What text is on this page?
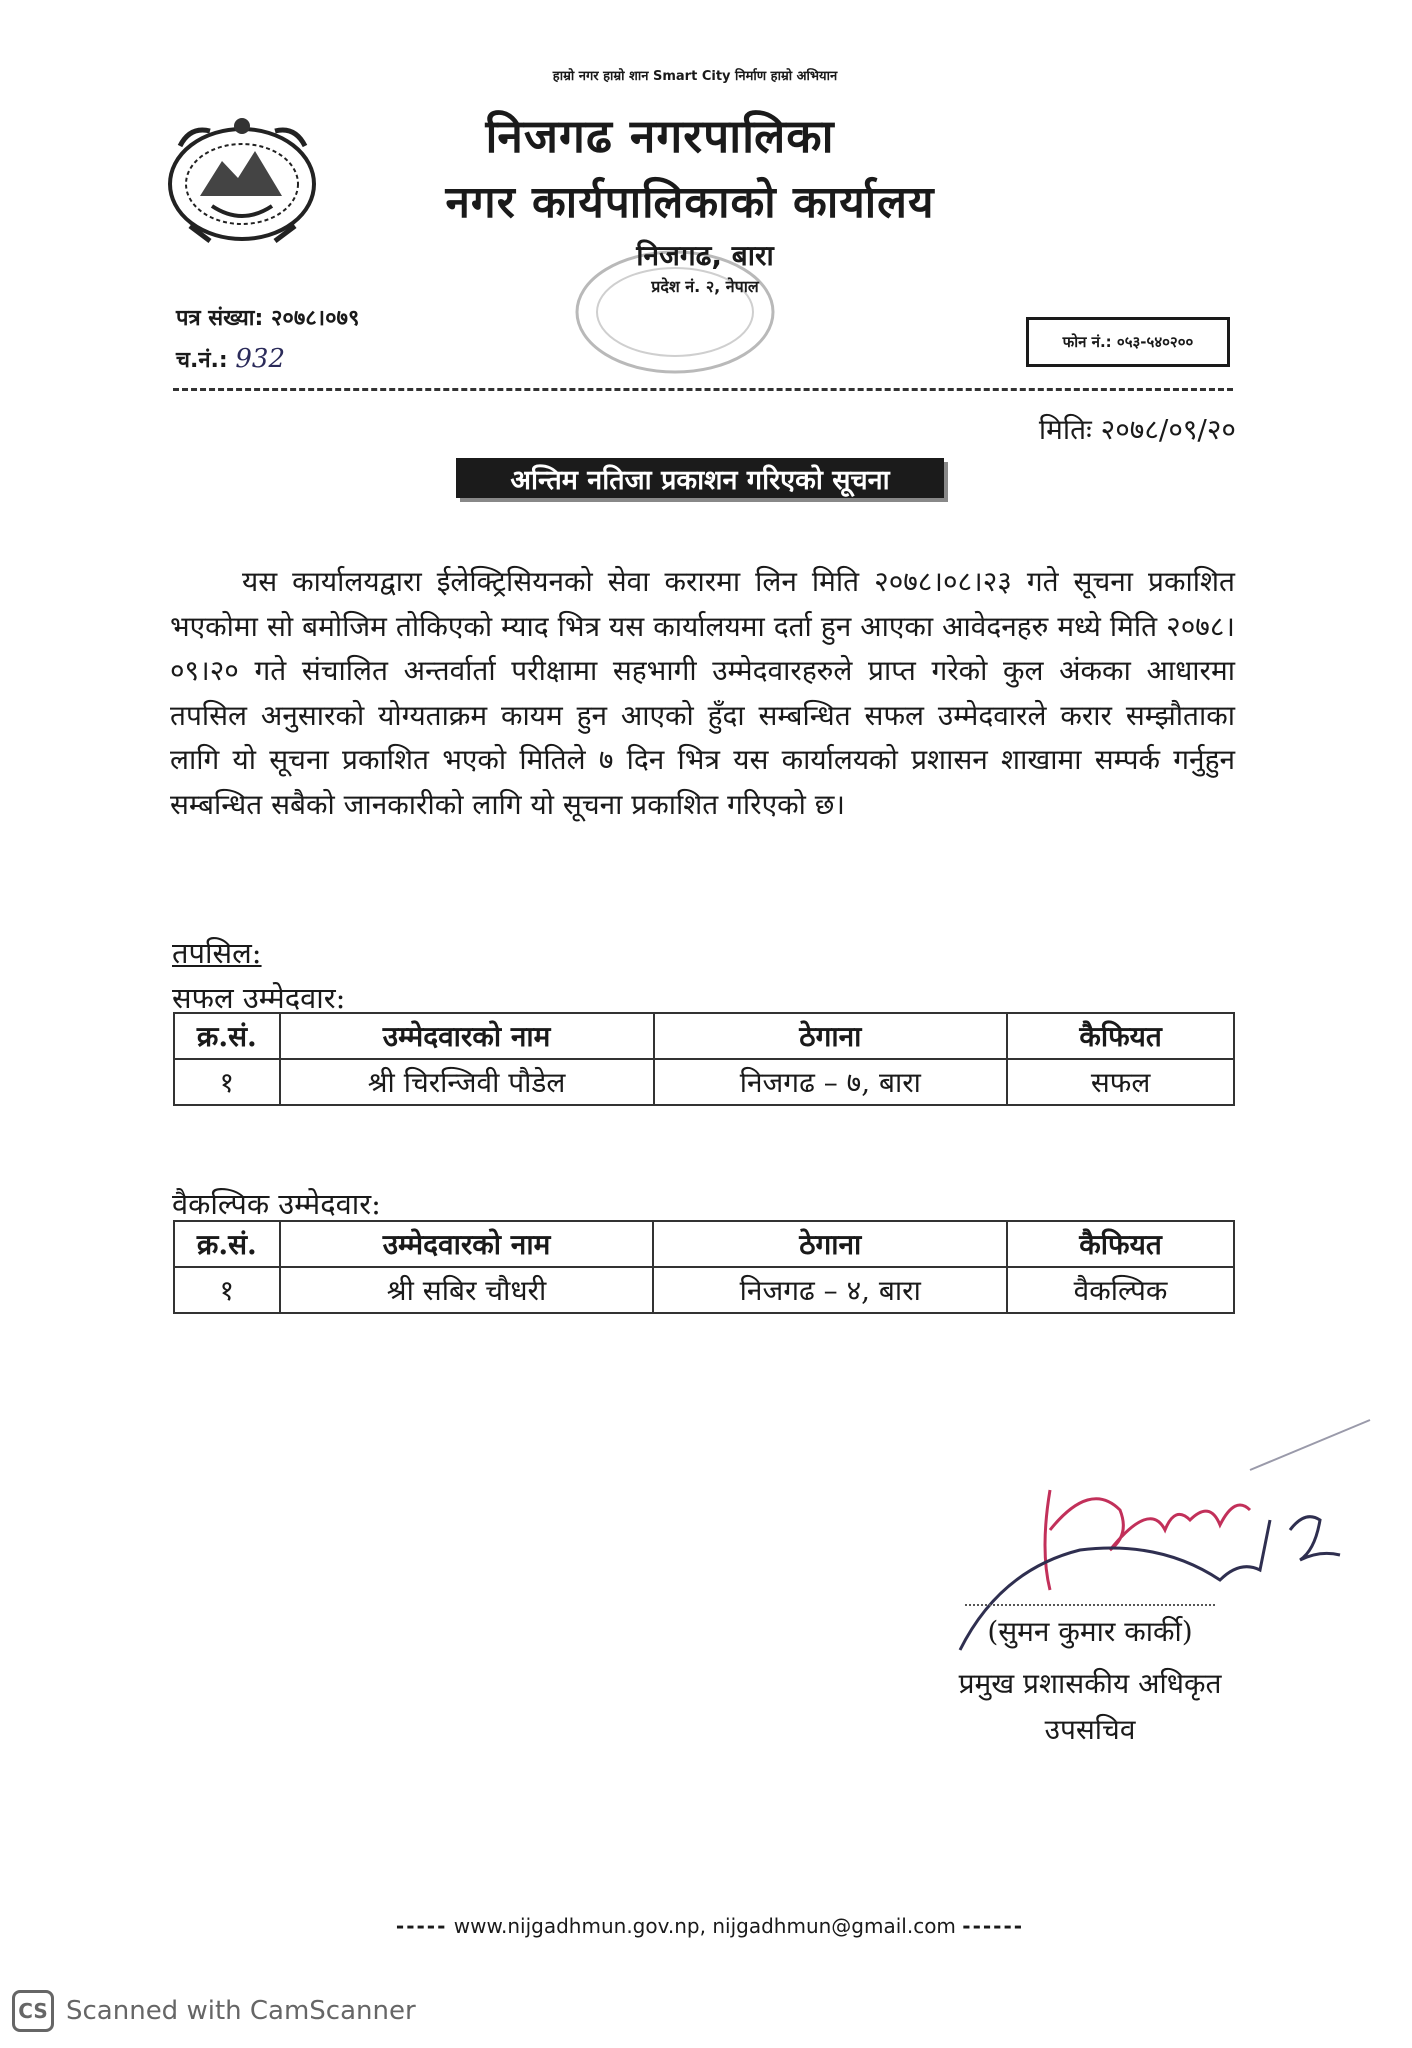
हाम्रो नगर हाम्रो शान Smart City निर्माण हाम्रो अभियान
निजगढ नगरपालिका
नगर कार्यपालिकाको कार्यालय
निजगढ, बारा
प्रदेश नं. २, नेपाल
पत्र संख्या: २०७८।०७९
च.नं.: 932
फोन नं.: ०५३-५४०२००
मितिः २०७८/०९/२०
अन्तिम नतिजा प्रकाशन गरिएको सूचना

यस कार्यालयद्वारा ईलेक्ट्रिसियनको सेवा करारमा लिन मिति २०७८।०८।२३ गते सूचना प्रकाशित भएकोमा सो बमोजिम तोकिएको म्याद भित्र यस कार्यालयमा दर्ता हुन आएका आवेदनहरु मध्ये मिति २०७८।०९।२० गते संचालित अन्तर्वार्ता परीक्षामा सहभागी उम्मेदवारहरुले प्राप्त गरेको कुल अंकका आधारमा तपसिल अनुसारको योग्यताक्रम कायम हुन आएको हुँदा सम्बन्धित सफल उम्मेदवारले करार सम्झौताका लागि यो सूचना प्रकाशित भएको मितिले ७ दिन भित्र यस कार्यालयको प्रशासन शाखामा सम्पर्क गर्नुहुन सम्बन्धित सबैको जानकारीको लागि यो सूचना प्रकाशित गरिएको छ।

तपसिल:
सफल उम्मेदवार:
क्र.सं.	उम्मेदवारको नाम	ठेगाना	कैफियत
१	श्री चिरन्जिवी पौडेल	निजगढ – ७, बारा	सफल
वैकल्पिक उम्मेदवार:
क्र.सं.	उम्मेदवारको नाम	ठेगाना	कैफियत
१	श्री सबिर चौधरी	निजगढ – ४, बारा	वैकल्पिक
(सुमन कुमार कार्की)
प्रमुख प्रशासकीय अधिकृत
उपसचिव
----- www.nijgadhmun.gov.np, nijgadhmun@gmail.com ------
CS Scanned with CamScanner
